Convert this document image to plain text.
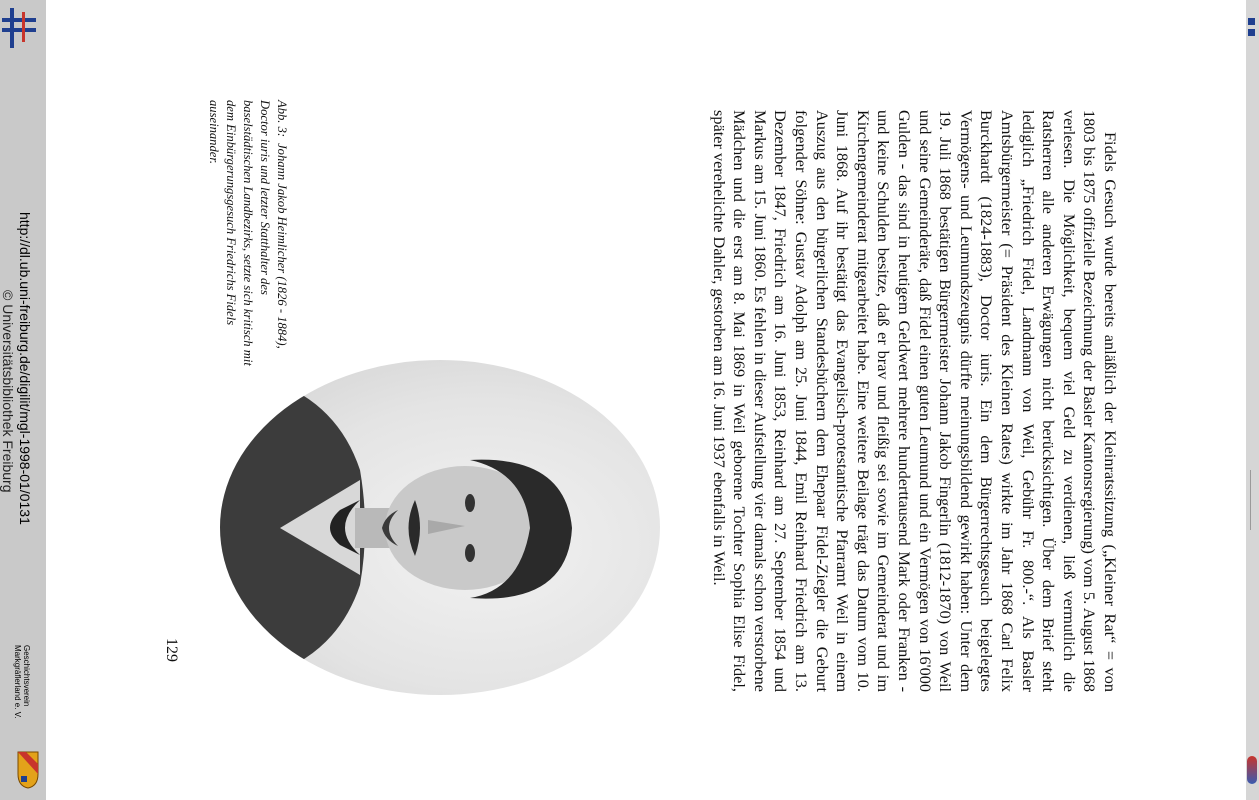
http://dl.ub.uni-freiburg.de/digilit/mgl-1998-01/0131
© Universitätsbibliothek Freiburg
Geschichtsverein
Markgräflerland e. V.	Fidels Gesuch wurde bereits anläßlich der Kleinratssitzung („Kleiner Rat“ = von 1803 bis 1875 offizielle Bezeichnung der Basler Kantonsregierung) vom 5. August 1868 verlesen. Die Möglichkeit, bequem viel Geld zu verdienen, ließ vermutlich die Ratsherren alle anderen Erwägungen nicht berücksichtigen. Über dem Brief steht lediglich „Friedrich Fidel, Landmann von Weil, Gebühr Fr. 800.-“. Als Basler Amtsbürgermeister (= Präsident des Kleinen Rates) wirkte im Jahr 1868 Carl Felix Burckhardt (1824-1883), Doctor iuris. Ein dem Bürgerrechtsgesuch beigelegtes Vermögens- und Leumundszeugnis dürfte meinungsbildend gewirkt haben: Unter dem 19. Juli 1868 bestätigen Bürgermeister Johann Jakob Fingerlin (1812-1870) von Weil und seine Gemeinderäte, daß Fidel einen guten Leumund und ein Vermögen von 16'000 Gulden - das sind in heutigem Geldwert mehrere hunderttausend Mark oder Franken - und keine Schulden besitze, daß er brav und fleißig sei sowie im Gemeinderat und im Kirchengemeinderat mitgearbeitet habe. Eine weitere Beilage trägt das Datum vom 10. Juni 1868. Auf ihr bestätigt das Evangelisch-protestantische Pfarramt Weil in einem Auszug aus den bürgerlichen Standesbüchern dem Ehepaar Fidel-Ziegler die Geburt folgender Söhne: Gustav Adolph am 25. Juni 1844, Emil Reinhard Friedrich am 13. Dezember 1847, Friedrich am 16. Juni 1853, Reinhard am 27. September 1854 und Markus am 15. Juni 1860. Es fehlen in dieser Aufstellung vier damals schon verstorbene Mädchen und die erst am 8. Mai 1869 in Weil geborene Tochter Sophia Elise Fidel, später verehelichte Dahler, gestorben am 16. Juni 1937 ebenfalls in Weil.

Abb. 3:Johann Jakob Heimlicher (1826 - 1884), Doctor iuris und letzter Statthalter des baselstädtischen Landbezirks, setzte sich kritisch mit dem Einbürgerungsgesuch Friedrichs Fidels auseinander.
129
